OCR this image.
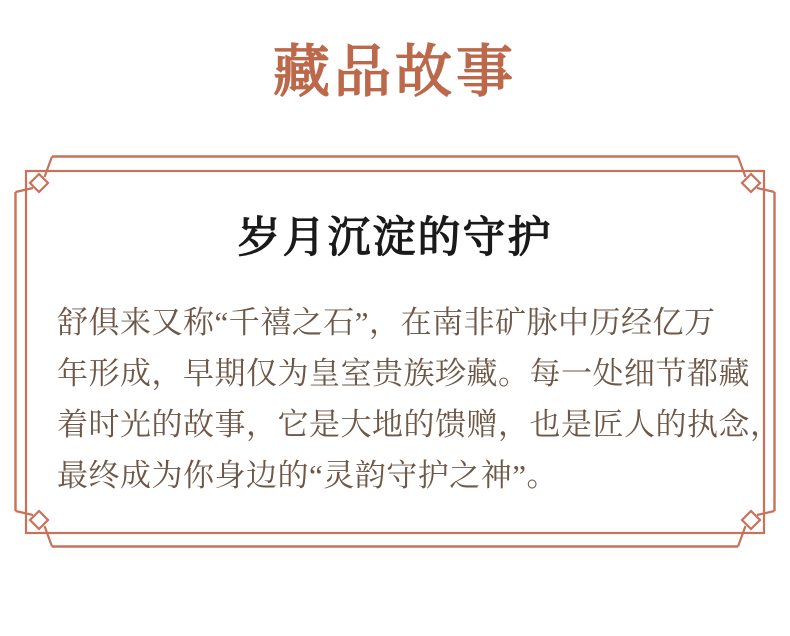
藏品故事
岁月沉淀的守护
舒俱来又称“千禧之石”，在南非矿脉中历经亿万
年形成，早期仅为皇室贵族珍藏。每一处细节都藏
着时光的故事，它是大地的馈赠，也是匠人的执念，
最终成为你身边的“灵韵守护之神”。
